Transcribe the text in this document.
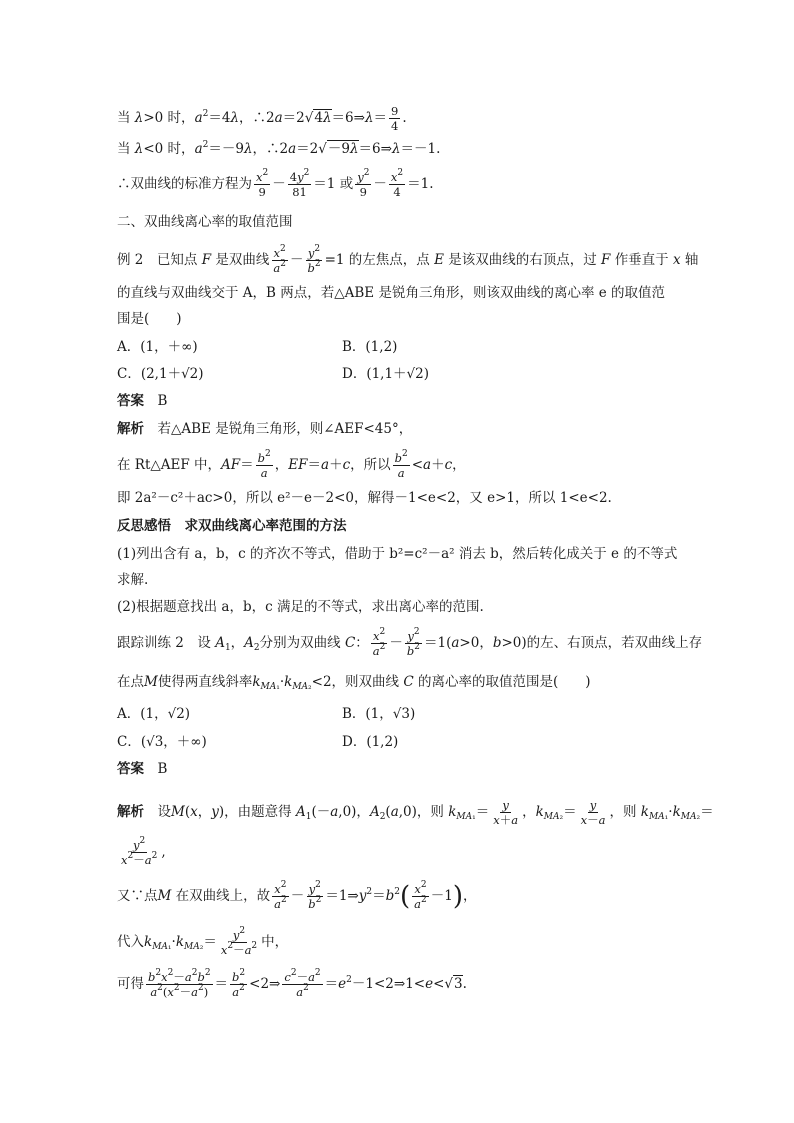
当 λ>0 时，$a^2=4\lambda$，∴2a＝2√4λ＝6⇒λ＝ $\frac{9}{4}$ .
当 λ<0 时，$a^2=-9\lambda$，∴2a＝2√－9λ＝6⇒λ＝－1.
∴双曲线的标准方程为 $\frac{x^2}{9} - \frac{4y^2}{81} =1$ 或 $\frac{y^2}{9} - \frac{x^2}{4} =1$.
二、双曲线离心率的取值范围
例 2　 已知点 F 是双曲线 $\frac{x^2}{a^2} - \frac{y^2}{b^2} =1$ 的左焦点，点 E 是该双曲线的右顶点，过 F 作垂直于 x 轴
的直线与双曲线交于 A，B 两点，若△ABE 是锐角三角形，则该双曲线的离心率 e 的取值范
围是(　　)
A．(1，＋∞)	B．(1,2)
C．(2,1＋√2)	D．(1,1＋√2)
答案　 B
解析　 若△ABE 是锐角三角形，则∠AEF<45°，
在 Rt△AEF 中，$AF= \frac{b^2}{a}$ ，EF＝a＋c，所以 $\frac{b^2}{a} <a+c$，
即 2a²－c²＋ac>0，所以 e²－e－2<0，解得－1<e<2，又 e>1，所以 1<e<2.
反思感悟　 求双曲线离心率范围的方法
(1)列出含有 a，b，c 的齐次不等式，借助于 b²=c²－a² 消去 b，然后转化成关于 e 的不等式
求解.
(2)根据题意找出 a，b，c 满足的不等式，求出离心率的范围.
跟踪训练 2　设 $A_1$，$A_2$分别为双曲线 C： $\frac{x^2}{a^2} - \frac{y^2}{b^2} =1(a>0$，b>0)的左、右顶点，若双曲线上存
在点M使得两直线斜率$k_{MA_1}\cdot k_{MA_2}<2$，则双曲线 C 的离心率的取值范围是(　　)
A．(1，√2)	B．(1，√3)
C．(√3，＋∞)	D．(1,2)
答案　 B
解析　 设M(x，y)，由题意得 $A_1(-a,0)$，$A_2(a,0)$，则 $k_{MA_1}= \frac{y}{x+a}$ ，$k_{MA_2}= \frac{y}{x-a}$ ，则 $k_{MA_1}\cdot k_{MA_2}=$
$\frac{y^2}{x^2-a^2}$ ,
又∵点M 在双曲线上，故 $\frac{x^2}{a^2} - \frac{y^2}{b^2}$ $=1\Rightarrow y^2=b^2( \frac{x^2}{a^2} -1)$，
代入$k_{MA_1}\cdot k_{MA_2}= \frac{y^2}{x^2-a^2}$ 中，
可得 $\frac{b^2x^2-a^2b^2}{a^2(x^2-a^2)} = \frac{b^2}{a^2}$ <2⇒ $\frac{c^2-a^2}{a^2}$ $=e^2-1<2\Rightarrow 1<e<√3$.
